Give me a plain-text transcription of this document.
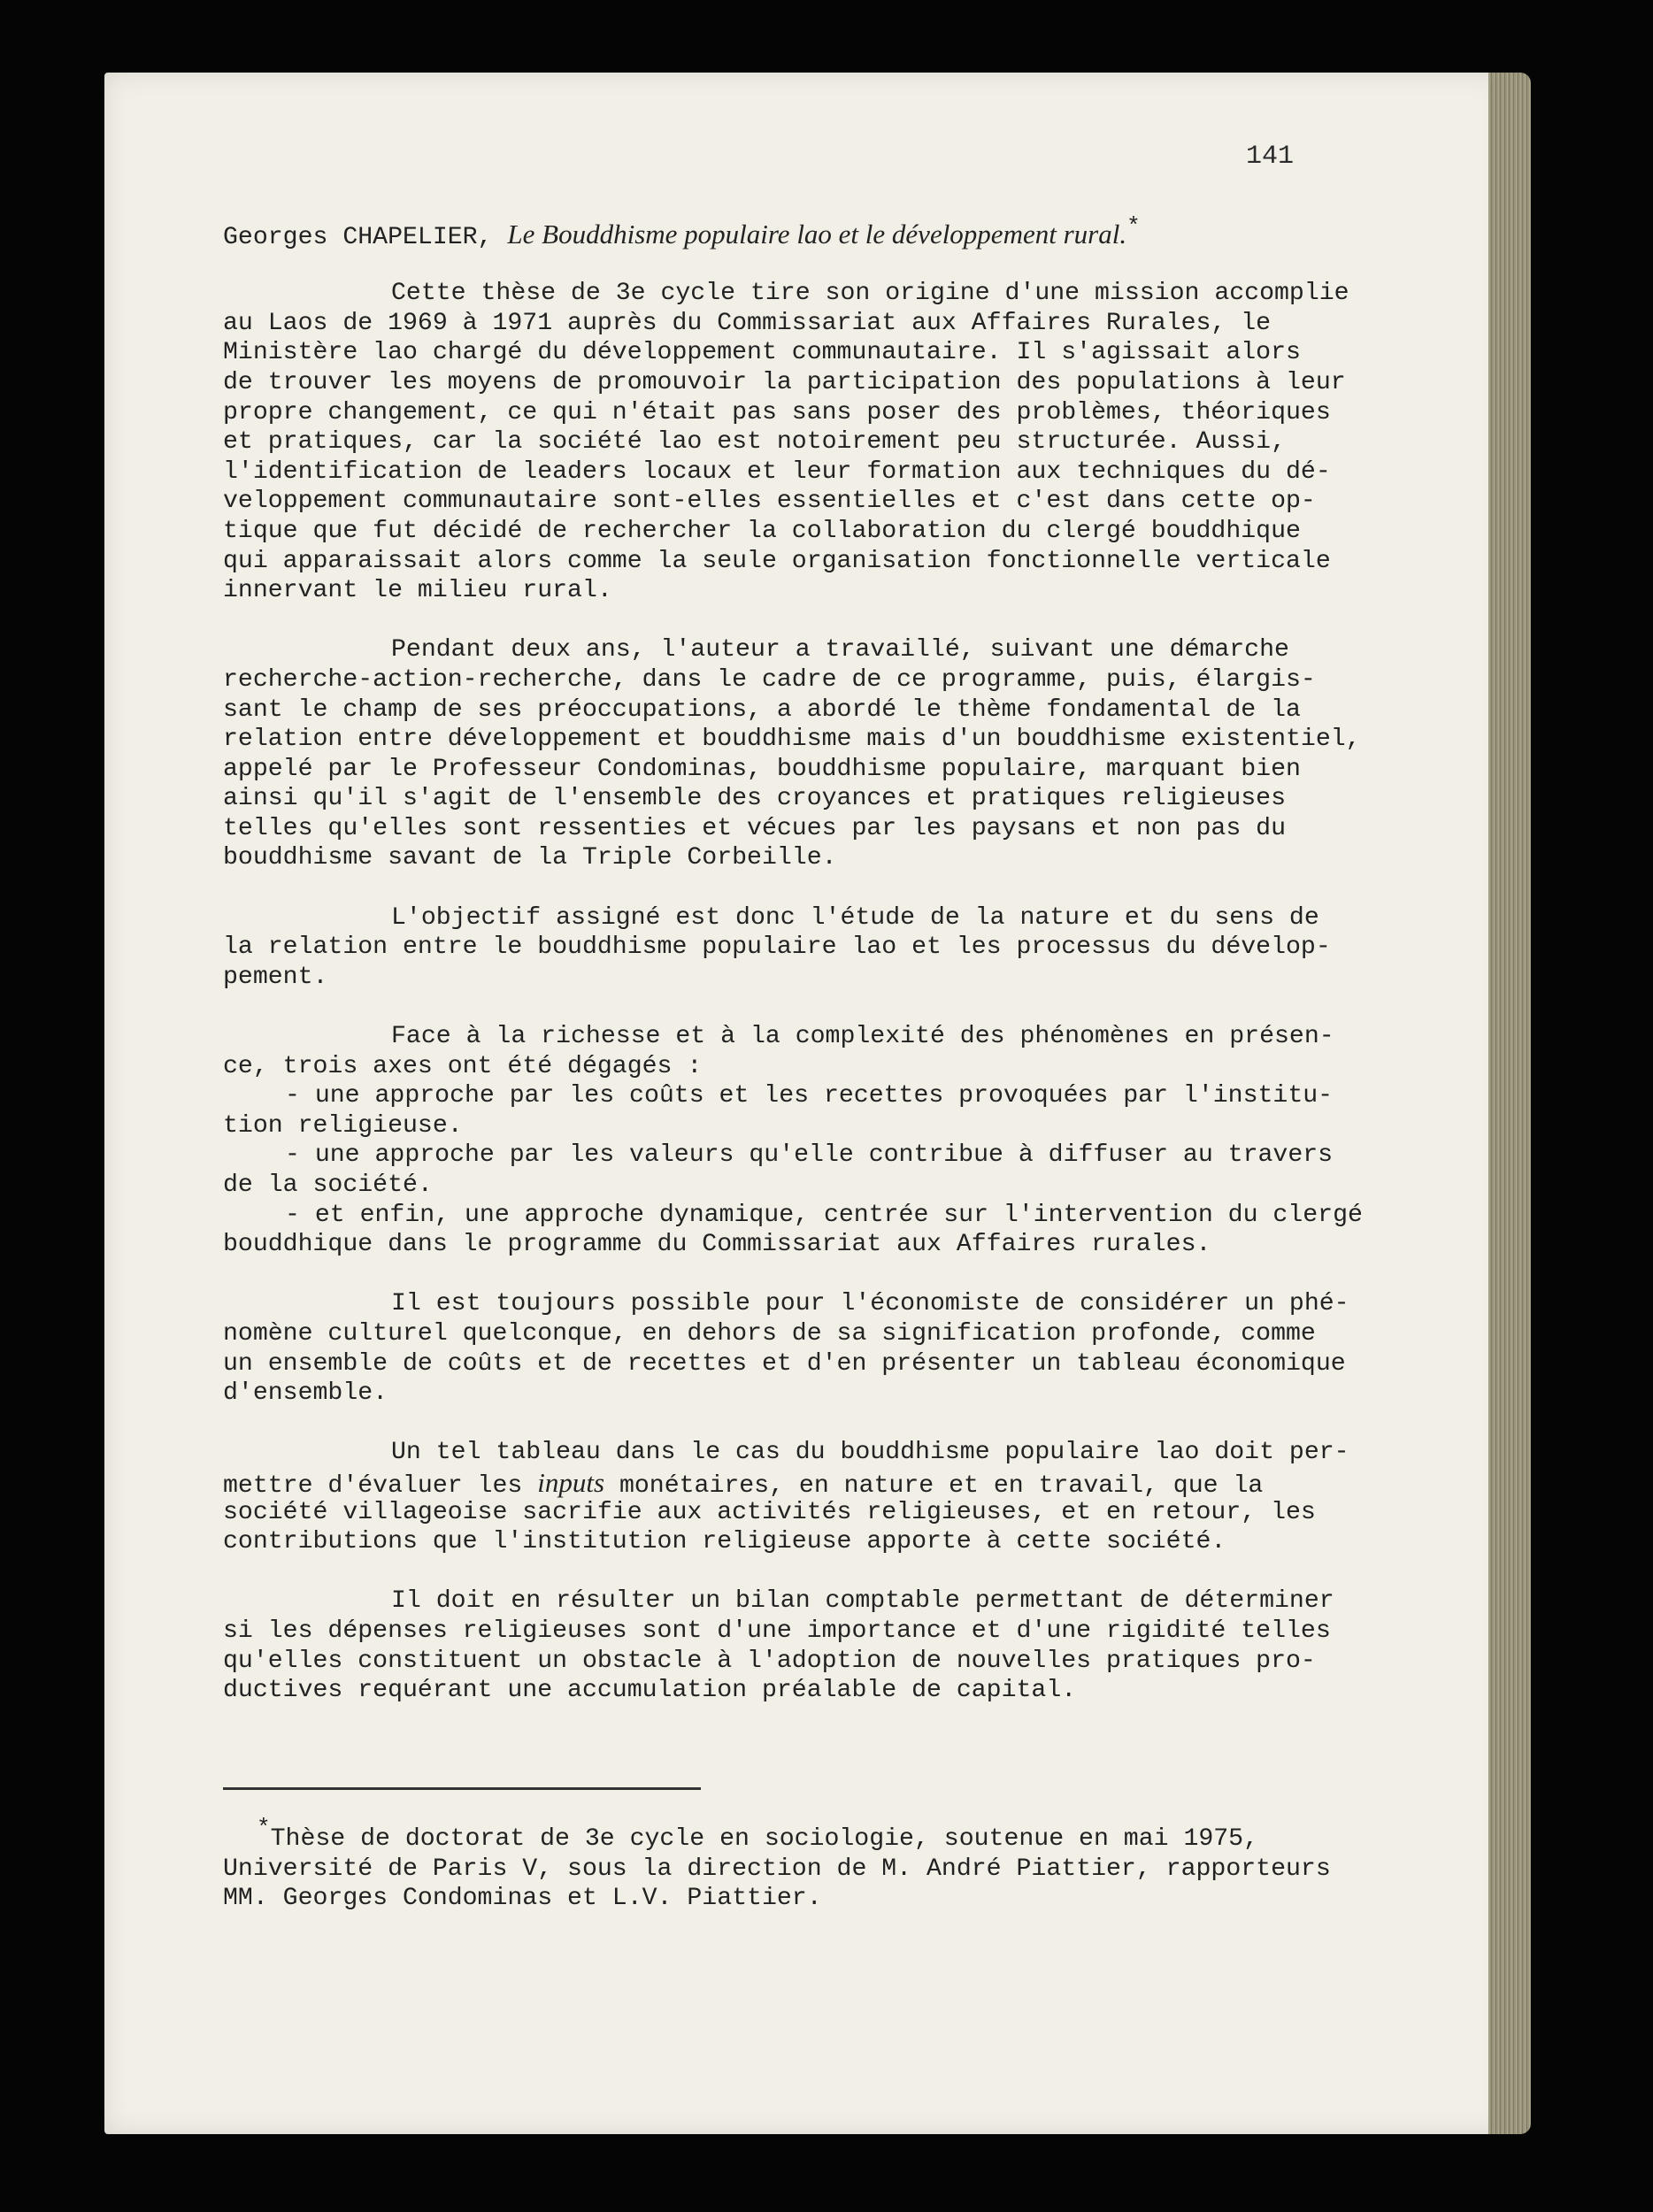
141
Georges CHAPELIER, Le Bouddhisme populaire lao et le développement rural.*
Cette thèse de 3e cycle tire son origine d'une mission accomplie
au Laos de 1969 à 1971 auprès du Commissariat aux Affaires Rurales, le
Ministère lao chargé du développement communautaire. Il s'agissait alors
de trouver les moyens de promouvoir la participation des populations à leur
propre changement, ce qui n'était pas sans poser des problèmes, théoriques
et pratiques, car la société lao est notoirement peu structurée. Aussi,
l'identification de leaders locaux et leur formation aux techniques du dé-
veloppement communautaire sont-elles essentielles et c'est dans cette op-
tique que fut décidé de rechercher la collaboration du clergé bouddhique
qui apparaissait alors comme la seule organisation fonctionnelle verticale
innervant le milieu rural.
Pendant deux ans, l'auteur a travaillé, suivant une démarche
recherche-action-recherche, dans le cadre de ce programme, puis, élargis-
sant le champ de ses préoccupations, a abordé le thème fondamental de la
relation entre développement et bouddhisme mais d'un bouddhisme existentiel,
appelé par le Professeur Condominas, bouddhisme populaire, marquant bien
ainsi qu'il s'agit de l'ensemble des croyances et pratiques religieuses
telles qu'elles sont ressenties et vécues par les paysans et non pas du
bouddhisme savant de la Triple Corbeille.
L'objectif assigné est donc l'étude de la nature et du sens de
la relation entre le bouddhisme populaire lao et les processus du dévelop-
pement.
Face à la richesse et à la complexité des phénomènes en présen-
ce, trois axes ont été dégagés :
- une approche par les coûts et les recettes provoquées par l'institu-
tion religieuse.
- une approche par les valeurs qu'elle contribue à diffuser au travers
de la société.
- et enfin, une approche dynamique, centrée sur l'intervention du clergé
bouddhique dans le programme du Commissariat aux Affaires rurales.
Il est toujours possible pour l'économiste de considérer un phé-
nomène culturel quelconque, en dehors de sa signification profonde, comme
un ensemble de coûts et de recettes et d'en présenter un tableau économique
d'ensemble.
Un tel tableau dans le cas du bouddhisme populaire lao doit per-
mettre d'évaluer les inputs monétaires, en nature et en travail, que la
société villageoise sacrifie aux activités religieuses, et en retour, les
contributions que l'institution religieuse apporte à cette société.
Il doit en résulter un bilan comptable permettant de déterminer
si les dépenses religieuses sont d'une importance et d'une rigidité telles
qu'elles constituent un obstacle à l'adoption de nouvelles pratiques pro-
ductives requérant une accumulation préalable de capital.
*Thèse de doctorat de 3e cycle en sociologie, soutenue en mai 1975,
Université de Paris V, sous la direction de M. André Piattier, rapporteurs
MM. Georges Condominas et L.V. Piattier.
